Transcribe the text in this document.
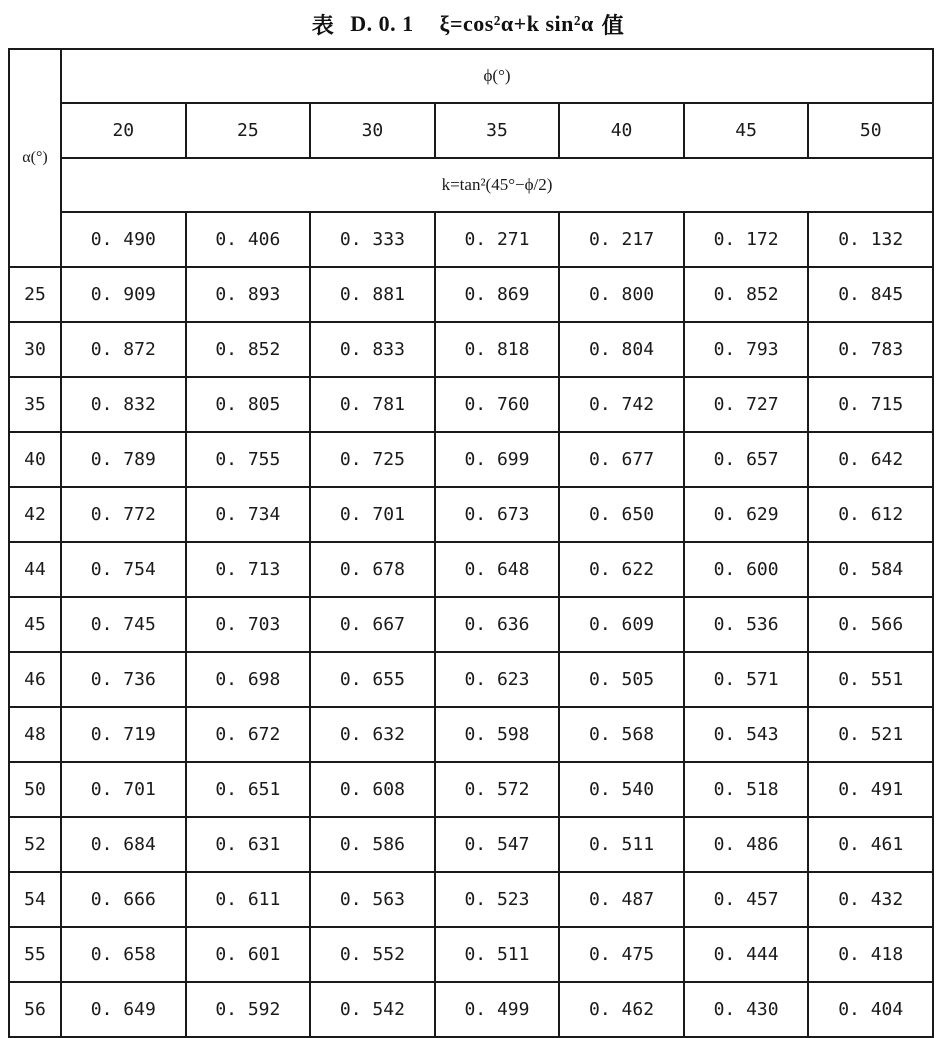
表 D. 0. 1 ξ=cos²α+k sin²α 值
α(°)	ϕ(°)						
	20	25	30	35	40	45	50
	k=tan²(45°−ϕ/2)						
	0. 490	0. 406	0. 333	0. 271	0. 217	0. 172	0. 132
25	0. 909	0. 893	0. 881	0. 869	0. 800	0. 852	0. 845
30	0. 872	0. 852	0. 833	0. 818	0. 804	0. 793	0. 783
35	0. 832	0. 805	0. 781	0. 760	0. 742	0. 727	0. 715
40	0. 789	0. 755	0. 725	0. 699	0. 677	0. 657	0. 642
42	0. 772	0. 734	0. 701	0. 673	0. 650	0. 629	0. 612
44	0. 754	0. 713	0. 678	0. 648	0. 622	0. 600	0. 584
45	0. 745	0. 703	0. 667	0. 636	0. 609	0. 536	0. 566
46	0. 736	0. 698	0. 655	0. 623	0. 505	0. 571	0. 551
48	0. 719	0. 672	0. 632	0. 598	0. 568	0. 543	0. 521
50	0. 701	0. 651	0. 608	0. 572	0. 540	0. 518	0. 491
52	0. 684	0. 631	0. 586	0. 547	0. 511	0. 486	0. 461
54	0. 666	0. 611	0. 563	0. 523	0. 487	0. 457	0. 432
55	0. 658	0. 601	0. 552	0. 511	0. 475	0. 444	0. 418
56	0. 649	0. 592	0. 542	0. 499	0. 462	0. 430	0. 404
